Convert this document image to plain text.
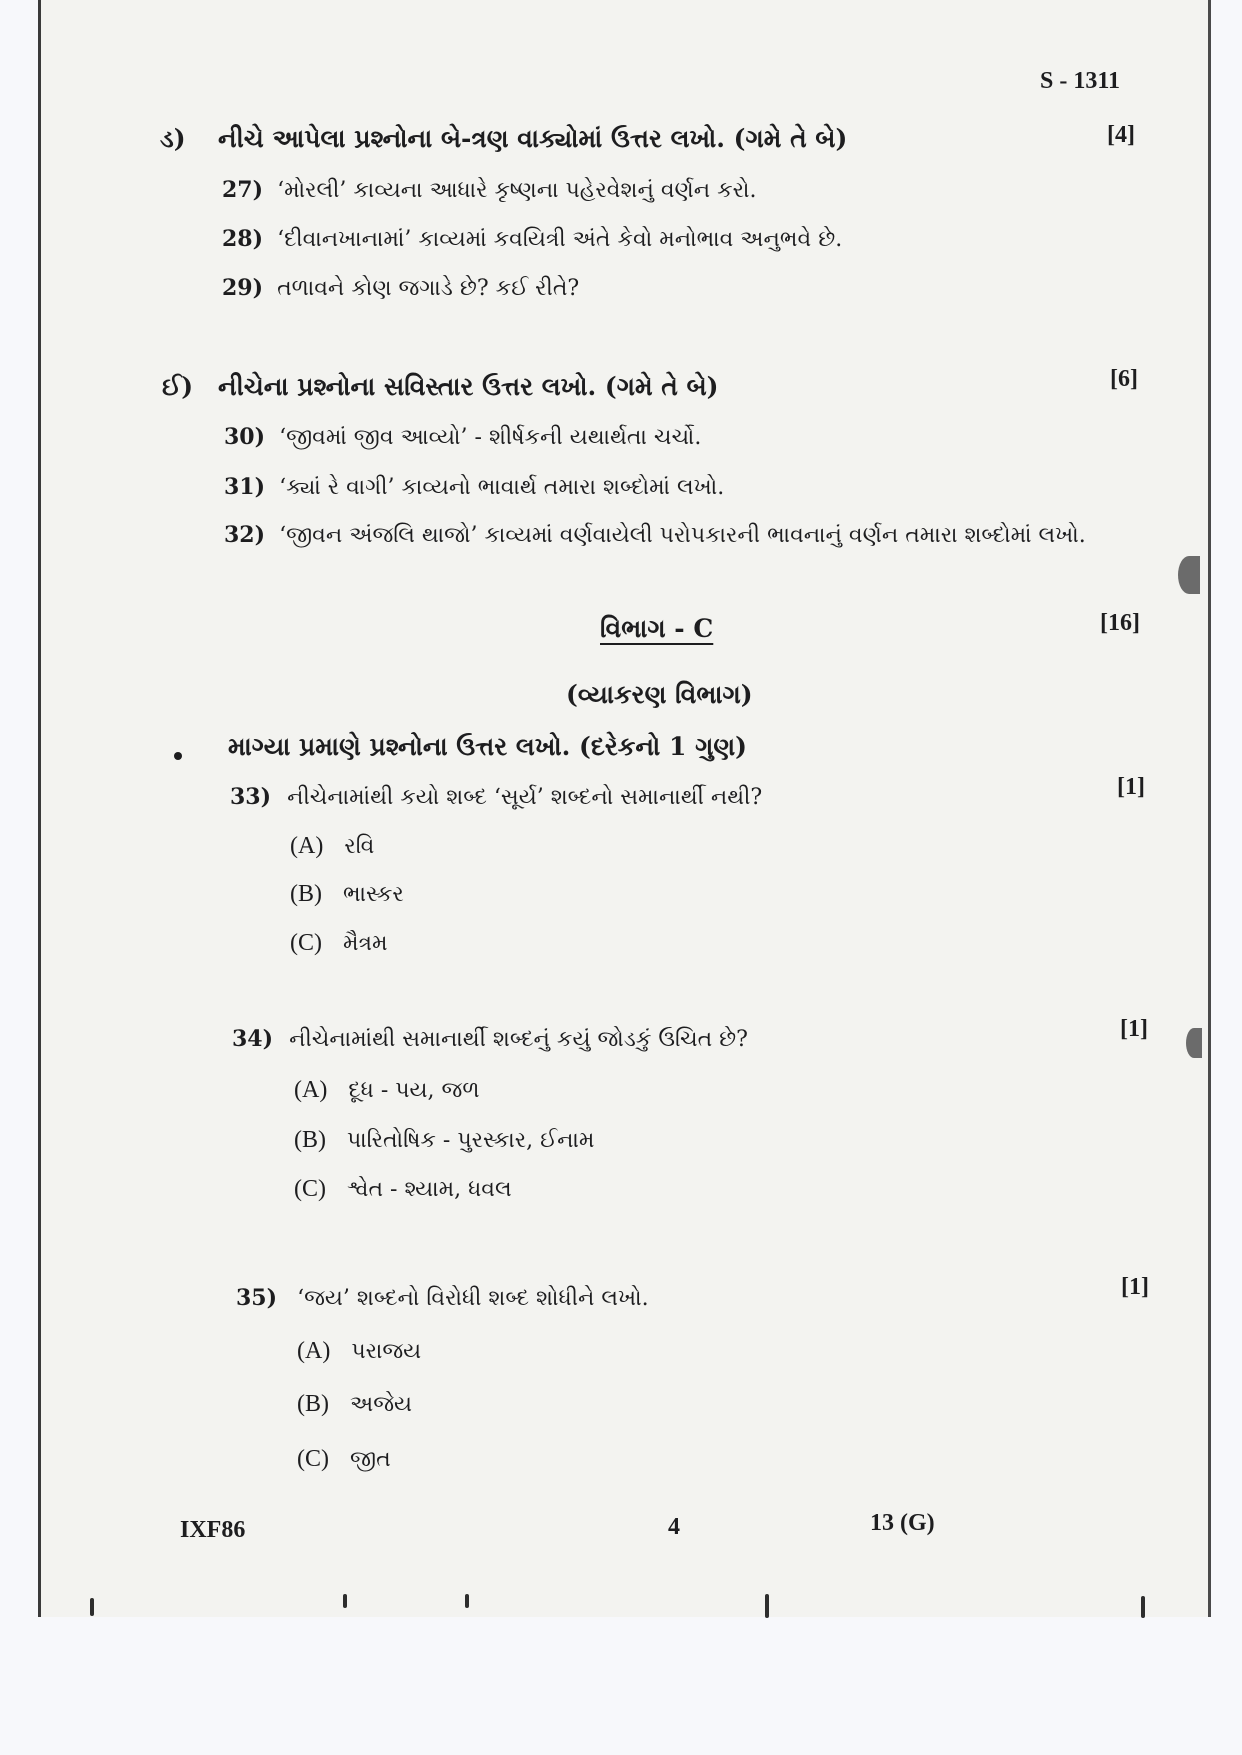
S - 1311
ડ) નીચે આપેલા પ્રશ્નોના બે-ત્રણ વાક્યોમાં ઉત્તર લખો. (ગમે તે બે)	[4]
27) ‘મોરલી’ કાવ્યના આધારે કૃષ્ણના પહેરવેશનું વર્ણન કરો.
28) ‘દીવાનખાનામાં’ કાવ્યમાં કવયિત્રી અંતે કેવો મનોભાવ અનુભવે છે.
29) તળાવને કોણ જગાડે છે? કઈ રીતે?
ઈ) નીચેના પ્રશ્નોના સવિસ્તાર ઉત્તર લખો. (ગમે તે બે)	[6]
30) ‘જીવમાં જીવ આવ્યો’ - શીર્ષકની યથાર્થતા ચર્ચો.
31) ‘ક્યાં રે વાગી’ કાવ્યનો ભાવાર્થ તમારા શબ્દોમાં લખો.
32) ‘જીવન અંજલિ થાજો’ કાવ્યમાં વર્ણવાયેલી પરોપકારની ભાવનાનું વર્ણન તમારા શબ્દોમાં લખો.
વિભાગ - C	[16]
(વ્યાકરણ વિભાગ)
માગ્યા પ્રમાણે પ્રશ્નોના ઉત્તર લખો. (દરેકનો 1 ગુણ)
33) નીચેનામાંથી કયો શબ્દ ‘સૂર્ય’ શબ્દનો સમાનાર્થી નથી?	[1]
(A) રવિ
(B) ભાસ્કર
(C) મૈત્રમ
34) નીચેનામાંથી સમાનાર્થી શબ્દનું કયું જોડકું ઉચિત છે?	[1]
(A) દૂધ - પય, જળ
(B) પારિતોષિક - પુરસ્કાર, ઈનામ
(C) શ્વેત - શ્યામ, ધવલ
35) ‘જય’ શબ્દનો વિરોધી શબ્દ શોધીને લખો.	[1]
(A) પરાજય
(B) અજેય
(C) જીત
IXF86	4	13 (G)
